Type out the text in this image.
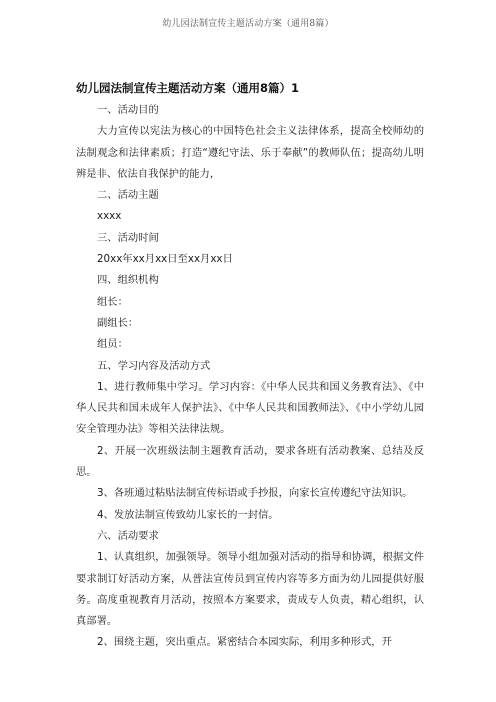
幼儿园法制宣传主题活动方案（通用8篇）
幼儿园法制宣传主题活动方案（通用8篇）1

一、活动目的

大力宣传以宪法为核心的中国特色社会主义法律体系，提高全校师幼的法制观念和法律素质；打造“遵纪守法、乐于奉献”的教师队伍；提高幼儿明辨是非、依法自我保护的能力，

二、活动主题

xxxx

三、活动时间

20xx年xx月xx日至xx月xx日

四、组织机构

组长：

副组长：

组员：

五、学习内容及活动方式

1、进行教师集中学习。学习内容：《中华人民共和国义务教育法》、《中华人民共和国未成年人保护法》、《中华人民共和国教师法》、《中小学幼儿园安全管理办法》等相关法律法规。

2、开展一次班级法制主题教育活动，要求各班有活动教案、总结及反思。

3、各班通过粘贴法制宣传标语或手抄报，向家长宣传遵纪守法知识。

4、发放法制宣传致幼儿家长的一封信。

六、活动要求

1、认真组织，加强领导。领导小组加强对活动的指导和协调，根据文件要求制订好活动方案，从普法宣传员到宣传内容等多方面为幼儿园提供好服务。高度重视教育月活动，按照本方案要求，责成专人负责，精心组织，认真部署。

2、围绕主题，突出重点。紧密结合本园实际，利用多种形式，开
